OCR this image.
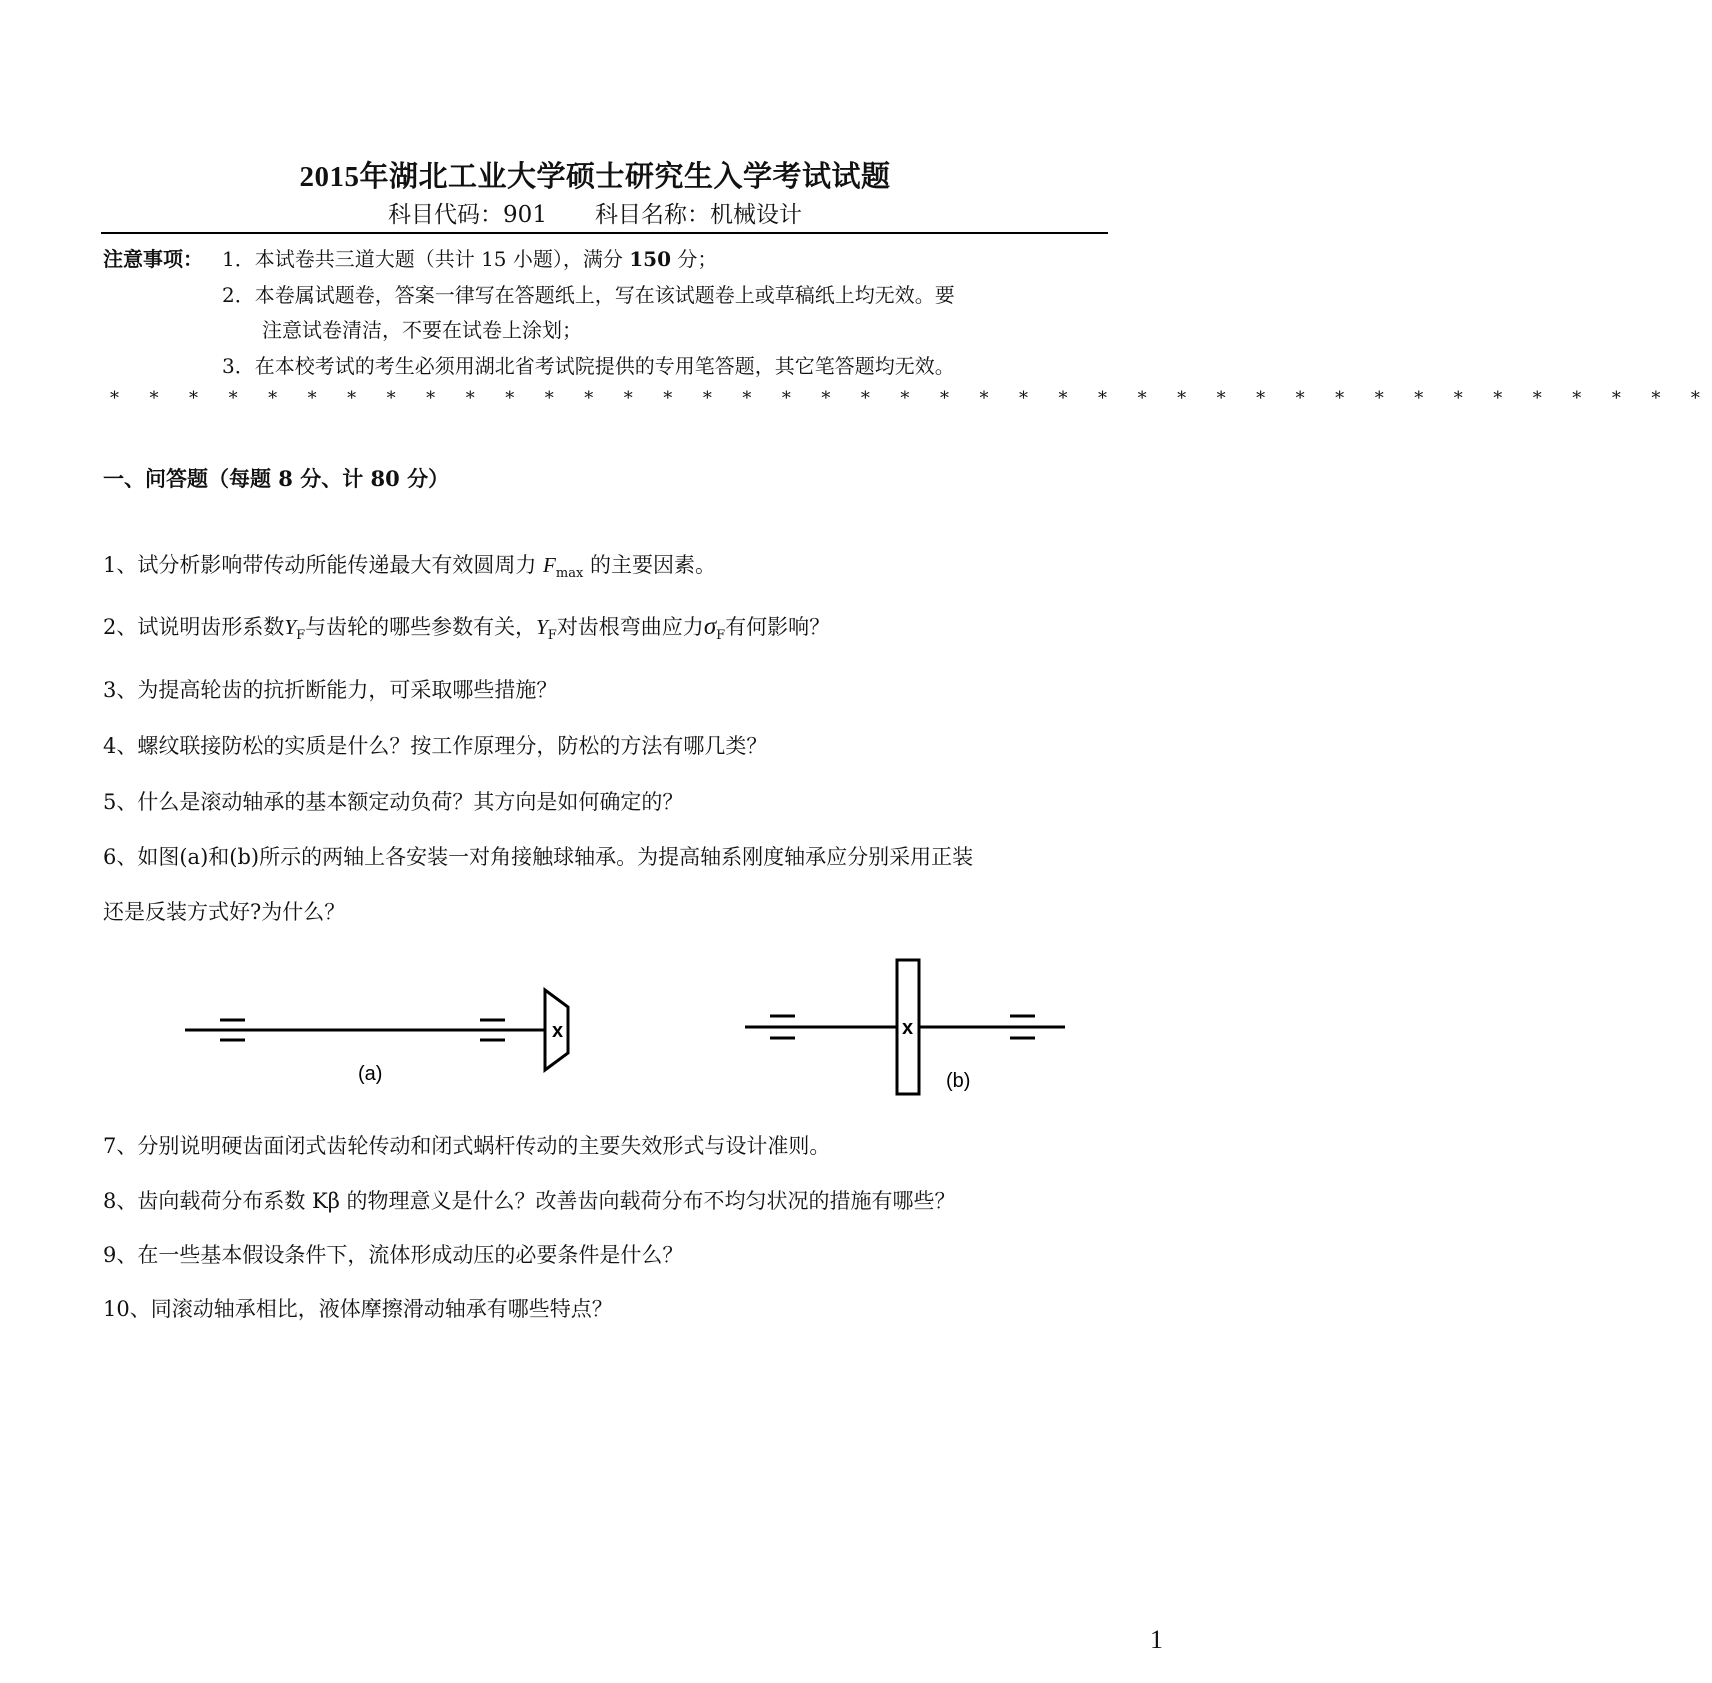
2015年湖北工业大学硕士研究生入学考试试题
科目代码：901 科目名称：机械设计
注意事项： 1．本试卷共三道大题（共计 15 小题），满分 150 分；
2．本卷属试题卷，答案一律写在答题纸上，写在该试题卷上或草稿纸上均无效。要
注意试卷清洁，不要在试卷上涂划；
3．在本校考试的考生必须用湖北省考试院提供的专用笔答题，其它笔答题均无效。
* * * * * * * * * * * * * * * * * * * * * * * * * * * * * * * * * * * * * * * * *
一、问答题（每题 8 分、计 80 分）
1、试分析影响带传动所能传递最大有效圆周力 $F_{max}$ 的主要因素。
2、试说明齿形系数$Y_F$与齿轮的哪些参数有关，$Y_F$对齿根弯曲应力$\sigma_F$有何影响？
3、为提高轮齿的抗折断能力，可采取哪些措施？
4、螺纹联接防松的实质是什么？按工作原理分，防松的方法有哪几类？
5、什么是滚动轴承的基本额定动负荷？其方向是如何确定的？
6、如图(a)和(b)所示的两轴上各安装一对角接触球轴承。为提高轴系刚度轴承应分别采用正装
还是反装方式好?为什么？
x
(a)
x
(b)
7、分别说明硬齿面闭式齿轮传动和闭式蜗杆传动的主要失效形式与设计准则。
8、齿向载荷分布系数 Kβ 的物理意义是什么？改善齿向载荷分布不均匀状况的措施有哪些？
9、在一些基本假设条件下，流体形成动压的必要条件是什么？
10、同滚动轴承相比，液体摩擦滑动轴承有哪些特点？
1
